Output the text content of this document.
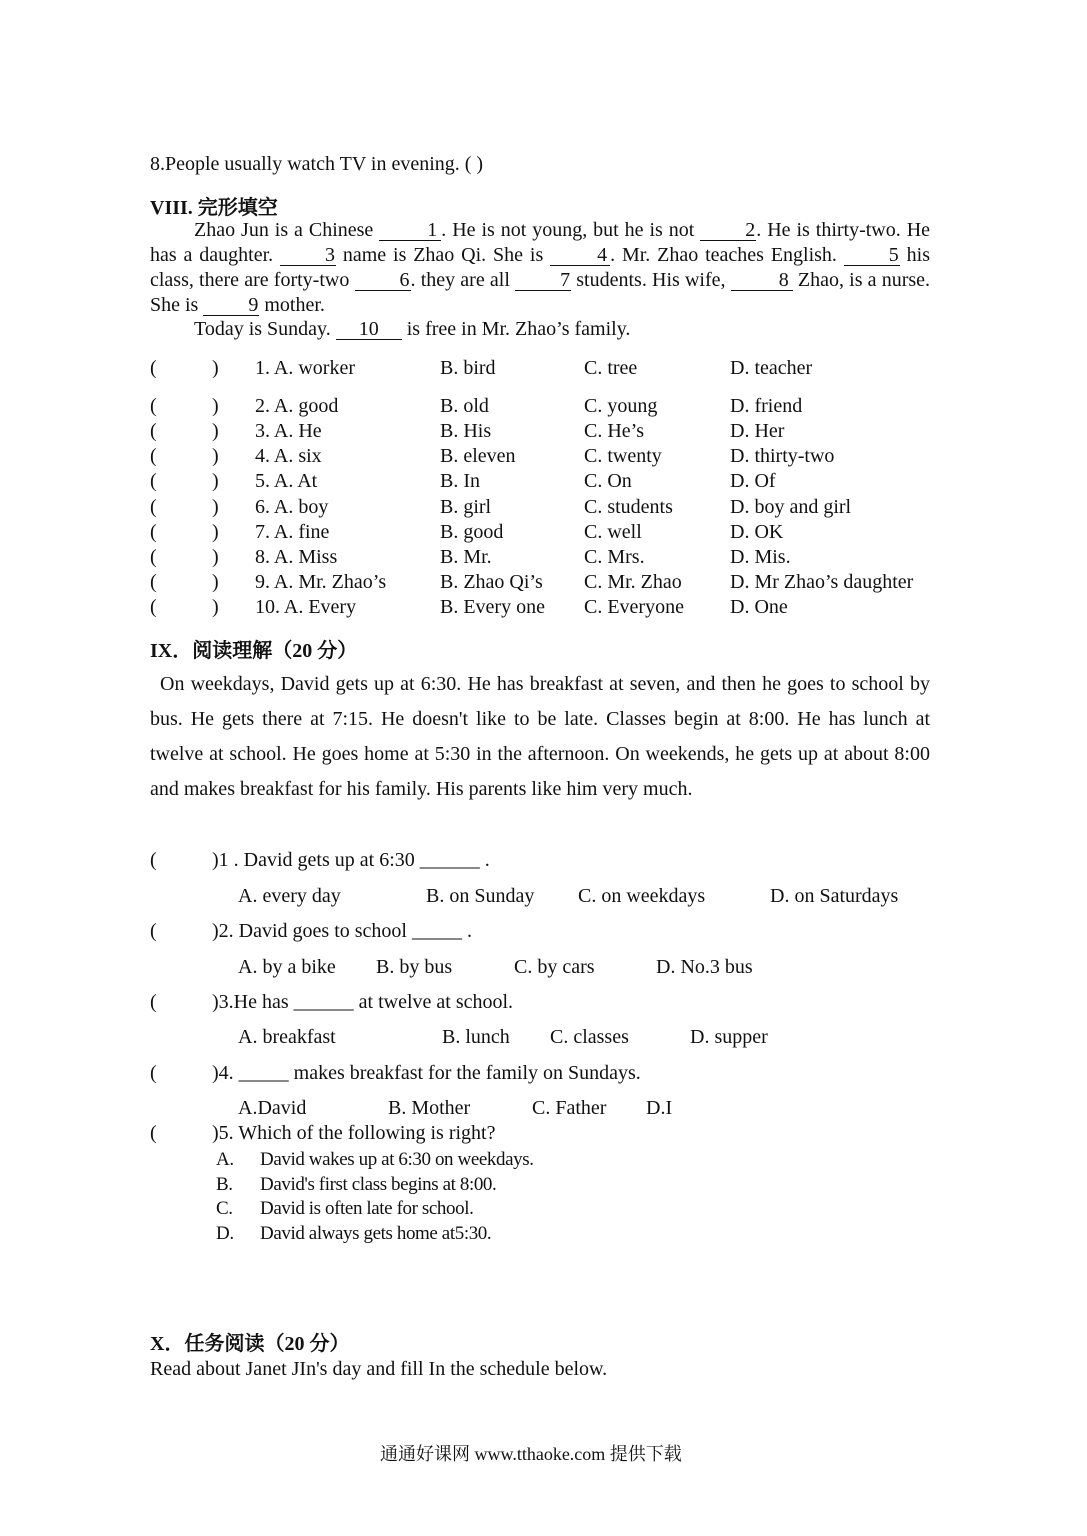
8.People usually watch TV in evening. ( )
VIII. 完形填空
Zhao Jun is a Chinese	1 . He is not young, but he is not	2. He is thirty-two. He has a daughter.	3 name is Zhao Qi. She is	4 . Mr. Zhao teaches English.	5 his class, there are forty-two	6. they are all	7 students. His wife,	8 Zhao, is a nurse. She is	9 mother.
Today is Sunday. 10 is free in Mr. Zhao’s family.
(	) 1. A. worker	B. bird	C. tree	D. teacher
(	) 2. A. good	B. old	C. young	D. friend
(	) 3. A. He	B. His	C. He’s	D. Her
(	) 4. A. six	B. eleven	C. twenty	D. thirty-two
(	) 5. A. At	B. In	C. On	D. Of
(	) 6. A. boy	B. girl	C. students	D. boy and girl
(	) 7. A. fine	B. good	C. well	D. OK
(	) 8. A. Miss	B. Mr.	C. Mrs.	D. Mis.
(	) 9. A. Mr. Zhao’s	B. Zhao Qi’s C. Mr. Zhao D. Mr Zhao’s daughter
(	) 10. A. Every	B. Every one C. Everyone D. One
IX．阅读理解（20 分）
On weekdays, David gets up at 6:30. He has breakfast at seven, and then he goes to school by bus. He gets there at 7:15. He doesn't like to be late. Classes begin at 8:00. He has lunch at twelve at school. He goes home at 5:30 in the afternoon. On weekends, he gets up at about 8:00 and makes breakfast for his family. His parents like him very much.
(	)1 . David gets up at 6:30 ______ .
A. every day	B. on Sunday C. on weekdays	D. on Saturdays
(	)2. David goes to school _____ .
A. by a bike B. by bus	C. by cars	D. No.3 bus
(	)3.He has ______ at twelve at school.
A. breakfast	B. lunch C. classes	D. supper
(	)4. _____ makes breakfast for the family on Sundays.
A.David	B. Mother	C. Father D.I
(	)5. Which of the following is right?
A. David wakes up at 6:30 on weekdays.
B. David's first class begins at 8:00.
C. David is often late for school.
D. David always gets home at5:30.
X．任务阅读（20 分）
Read about Janet JIn's day and fill In the schedule below.
通通好课网 www.tthaoke.com 提供下载
